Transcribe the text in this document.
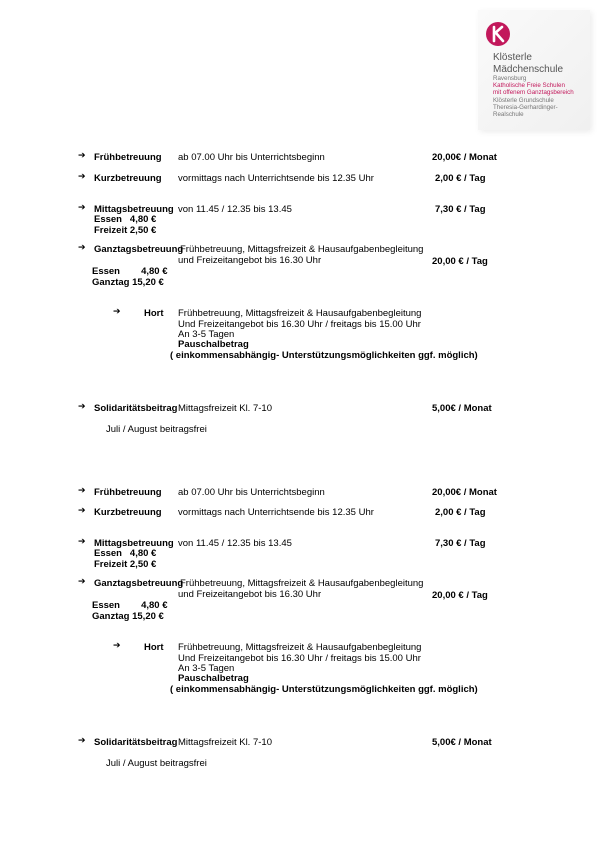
Klösterle
Mädchenschule
Ravensburg
Katholische Freie Schulen
mit offenem Ganztagsbereich
Klösterle Grundschule
Theresia-Gerhardinger-
Realschule
➔ Frühbetreuung ab 07.00 Uhr bis Unterrichtsbeginn	20,00€ / Monat
➔ Kurzbetreuung vormittags nach Unterrichtsende bis 12.35 Uhr	2,00 € / Tag
➔ Mittagsbetreuung von 11.45 / 12.35 bis 13.45	7,30 € / Tag
Essen   4,80 €
Freizeit 2,50 €
➔ Ganztagsbetreuung
Frühbetreuung, Mittagsfreizeit & Hausaufgabenbegleitung
und Freizeitangebot bis 16.30 Uhr	20,00 € / Tag
Essen        4,80 €
Ganztag 15,20 €
➔ Hort Frühbetreuung, Mittagsfreizeit & Hausaufgabenbegleitung
Und Freizeitangebot bis 16.30 Uhr / freitags bis 15.00 Uhr
An 3-5 Tagen
Pauschalbetrag
( einkommensabhängig- Unterstützungsmöglichkeiten ggf. möglich)
➔ Solidaritätsbeitrag Mittagsfreizeit Kl. 7-10	5,00€ / Monat
Juli / August beitragsfrei
➔ Frühbetreuung ab 07.00 Uhr bis Unterrichtsbeginn	20,00€ / Monat
➔ Kurzbetreuung vormittags nach Unterrichtsende bis 12.35 Uhr	2,00 € / Tag
➔ Mittagsbetreuung von 11.45 / 12.35 bis 13.45	7,30 € / Tag
Essen   4,80 €
Freizeit 2,50 €
➔ Ganztagsbetreuung
Frühbetreuung, Mittagsfreizeit & Hausaufgabenbegleitung
und Freizeitangebot bis 16.30 Uhr	20,00 € / Tag
Essen        4,80 €
Ganztag 15,20 €
➔ Hort Frühbetreuung, Mittagsfreizeit & Hausaufgabenbegleitung
Und Freizeitangebot bis 16.30 Uhr / freitags bis 15.00 Uhr
An 3-5 Tagen
Pauschalbetrag
( einkommensabhängig- Unterstützungsmöglichkeiten ggf. möglich)
➔ Solidaritätsbeitrag Mittagsfreizeit Kl. 7-10	5,00€ / Monat
Juli / August beitragsfrei
